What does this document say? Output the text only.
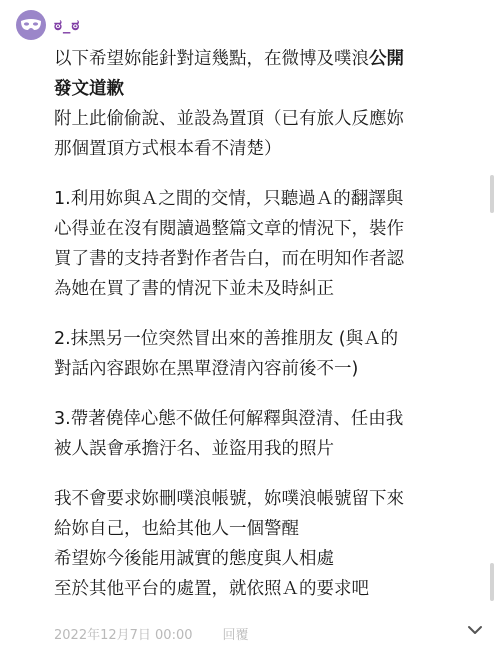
ಠ_ಠ
以下希望妳能針對這幾點，在微博及噗浪公開
發文道歉
附上此偷偷說、並設為置頂（已有旅人反應妳
那個置頂方式根本看不清楚）
1.利用妳與Ａ之間的交情，只聽過Ａ的翻譯與
心得並在沒有閱讀過整篇文章的情況下，裝作
買了書的支持者對作者告白，而在明知作者認
為她在買了書的情況下並未及時糾正
2.抹黑另一位突然冒出來的善推朋友 (與Ａ的
對話內容跟妳在黑單澄清內容前後不一)
3.帶著僥倖心態不做任何解釋與澄清、任由我
被人誤會承擔汙名、並盜用我的照片
我不會要求妳刪噗浪帳號，妳噗浪帳號留下來
給妳自己，也給其他人一個警醒
希望妳今後能用誠實的態度與人相處
至於其他平台的處置，就依照Ａ的要求吧
2022年12月7日 00:00 回覆
